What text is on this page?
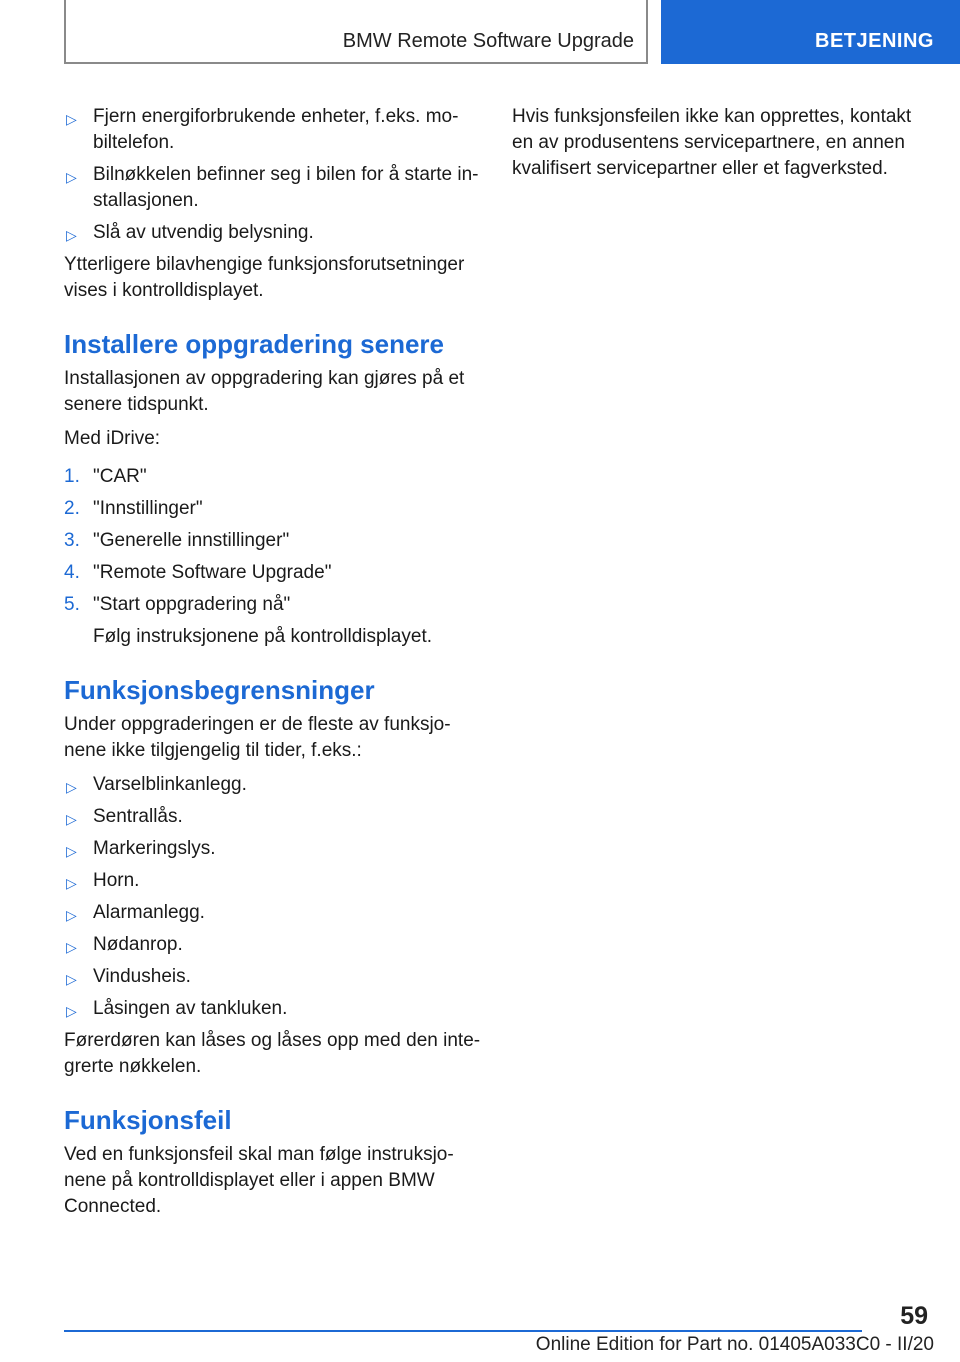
BMW Remote Software Upgrade	BETJENING
▷ Fjern energiforbrukende enheter, f.eks. mobiltelefon.
▷ Bilnøkkelen befinner seg i bilen for å starte installasjonen.
▷ Slå av utvendig belysning.

Ytterligere bilavhengige funksjonsforutsetninger vises i kontrolldisplayet.

Installere oppgradering senere

Installasjonen av oppgradering kan gjøres på et senere tidspunkt.

Med iDrive:

1. "CAR"
2. "Innstillinger"
3. "Generelle innstillinger"
4. "Remote Software Upgrade"
5. "Start oppgradering nå"

Følg instruksjonene på kontrolldisplayet.

Funksjonsbegrensninger

Under oppgraderingen er de fleste av funksjonene ikke tilgjengelig til tider, f.eks.:

▷ Varselblinkanlegg.
▷ Sentrallås.
▷ Markeringslys.
▷ Horn.
▷ Alarmanlegg.
▷ Nødanrop.
▷ Vindusheis.
▷ Låsingen av tankluken.

Førerdøren kan låses og låses opp med den integrerte nøkkelen.

Funksjonsfeil

Ved en funksjonsfeil skal man følge instruksjonene på kontrolldisplayet eller i appen BMW Connected.

Hvis funksjonsfeilen ikke kan opprettes, kontakt en av produsentens servicepartnere, en annen kvalifisert servicepartner eller et fagverksted.

59
Online Edition for Part no. 01405A033C0 - II/20
